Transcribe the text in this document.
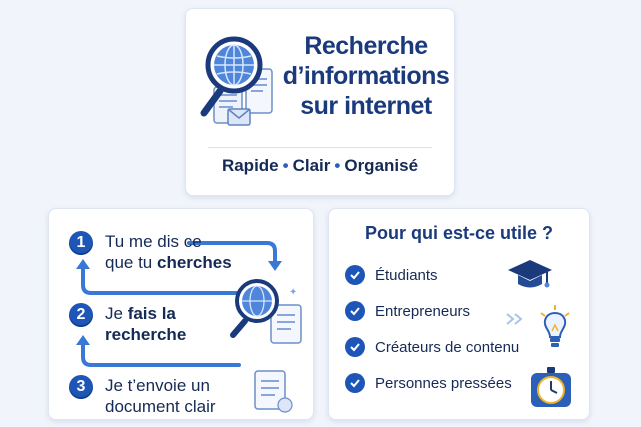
Recherche
d’informations
sur internet
Rapide • Clair • Organisé
✦
1	Tu me dis ce
que tu cherches
2	Je fais la
recherche
3	Je t’envoie un
document clair
Pour qui est-ce utile ?
Étudiants
Entrepreneurs
Créateurs de contenu
Personnes pressées
